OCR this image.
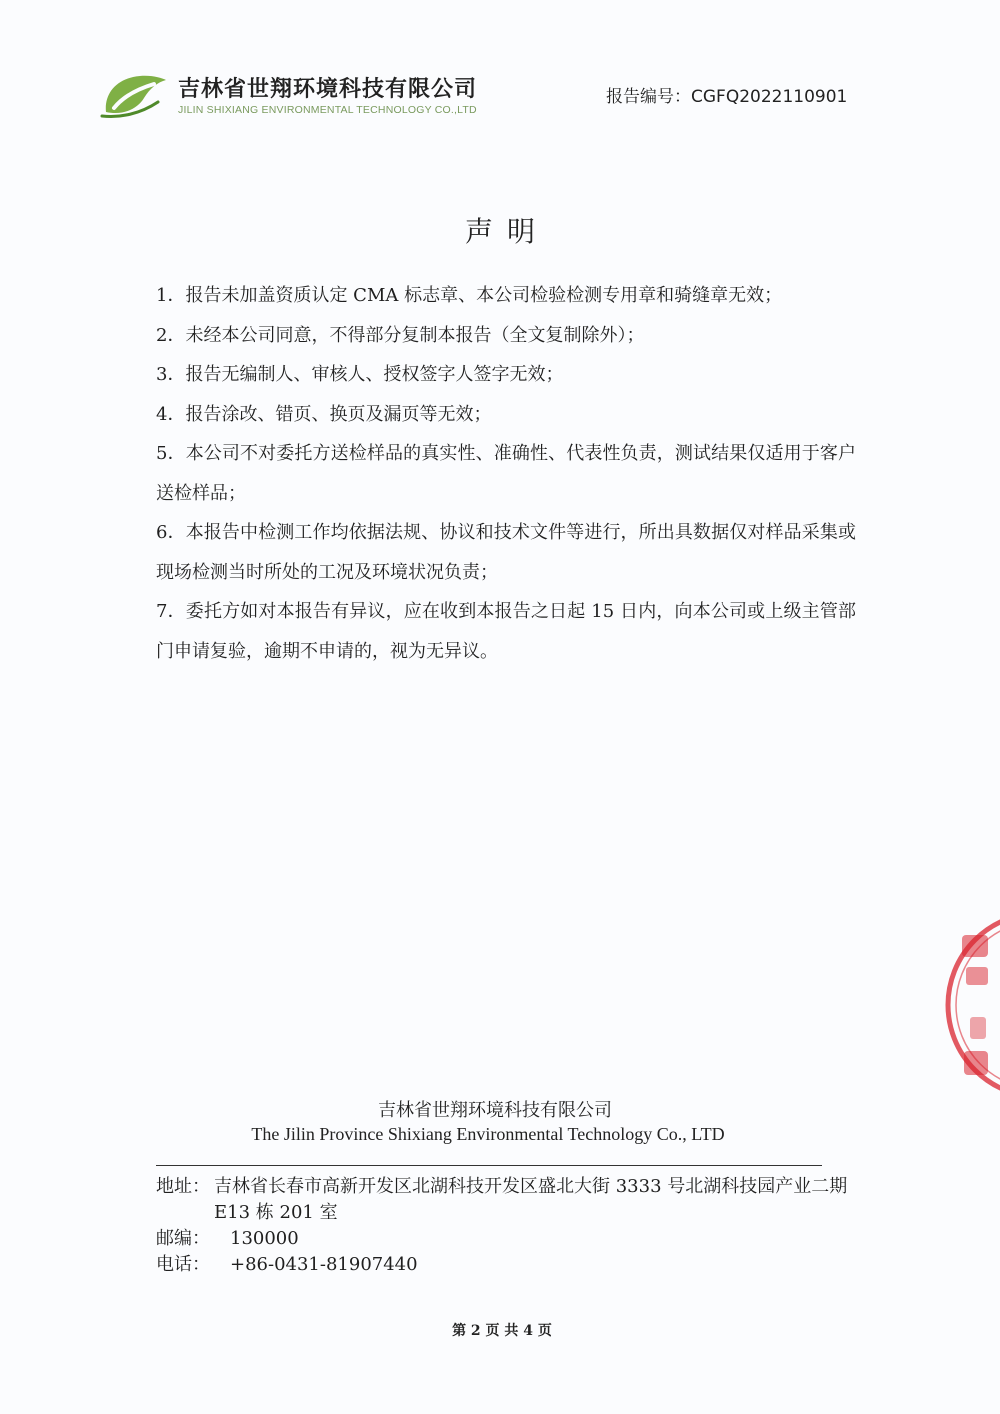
吉林省世翔环境科技有限公司
JILIN SHIXIANG ENVIRONMENTAL TECHNOLOGY CO.,LTD
报告编号：CGFQ2022110901
声明

1．报告未加盖资质认定 CMA 标志章、本公司检验检测专用章和骑缝章无效；

2．未经本公司同意，不得部分复制本报告（全文复制除外）；

3．报告无编制人、审核人、授权签字人签字无效；

4．报告涂改、错页、换页及漏页等无效；

5．本公司不对委托方送检样品的真实性、准确性、代表性负责，测试结果仅适用于客户送检样品；

6．本报告中检测工作均依据法规、协议和技术文件等进行，所出具数据仅对样品采集或现场检测当时所处的工况及环境状况负责；

7．委托方如对本报告有异议，应在收到本报告之日起 15 日内，向本公司或上级主管部门申请复验，逾期不申请的，视为无异议。

吉林省世翔环境科技有限公司
The Jilin Province Shixiang Environmental Technology Co., LTD
地址： 吉林省长春市高新开发区北湖科技开发区盛北大街 3333 号北湖科技园产业二期 E13 栋 201 室
邮编：	130000
电话：	+86-0431-81907440
第 2 页 共 4 页
